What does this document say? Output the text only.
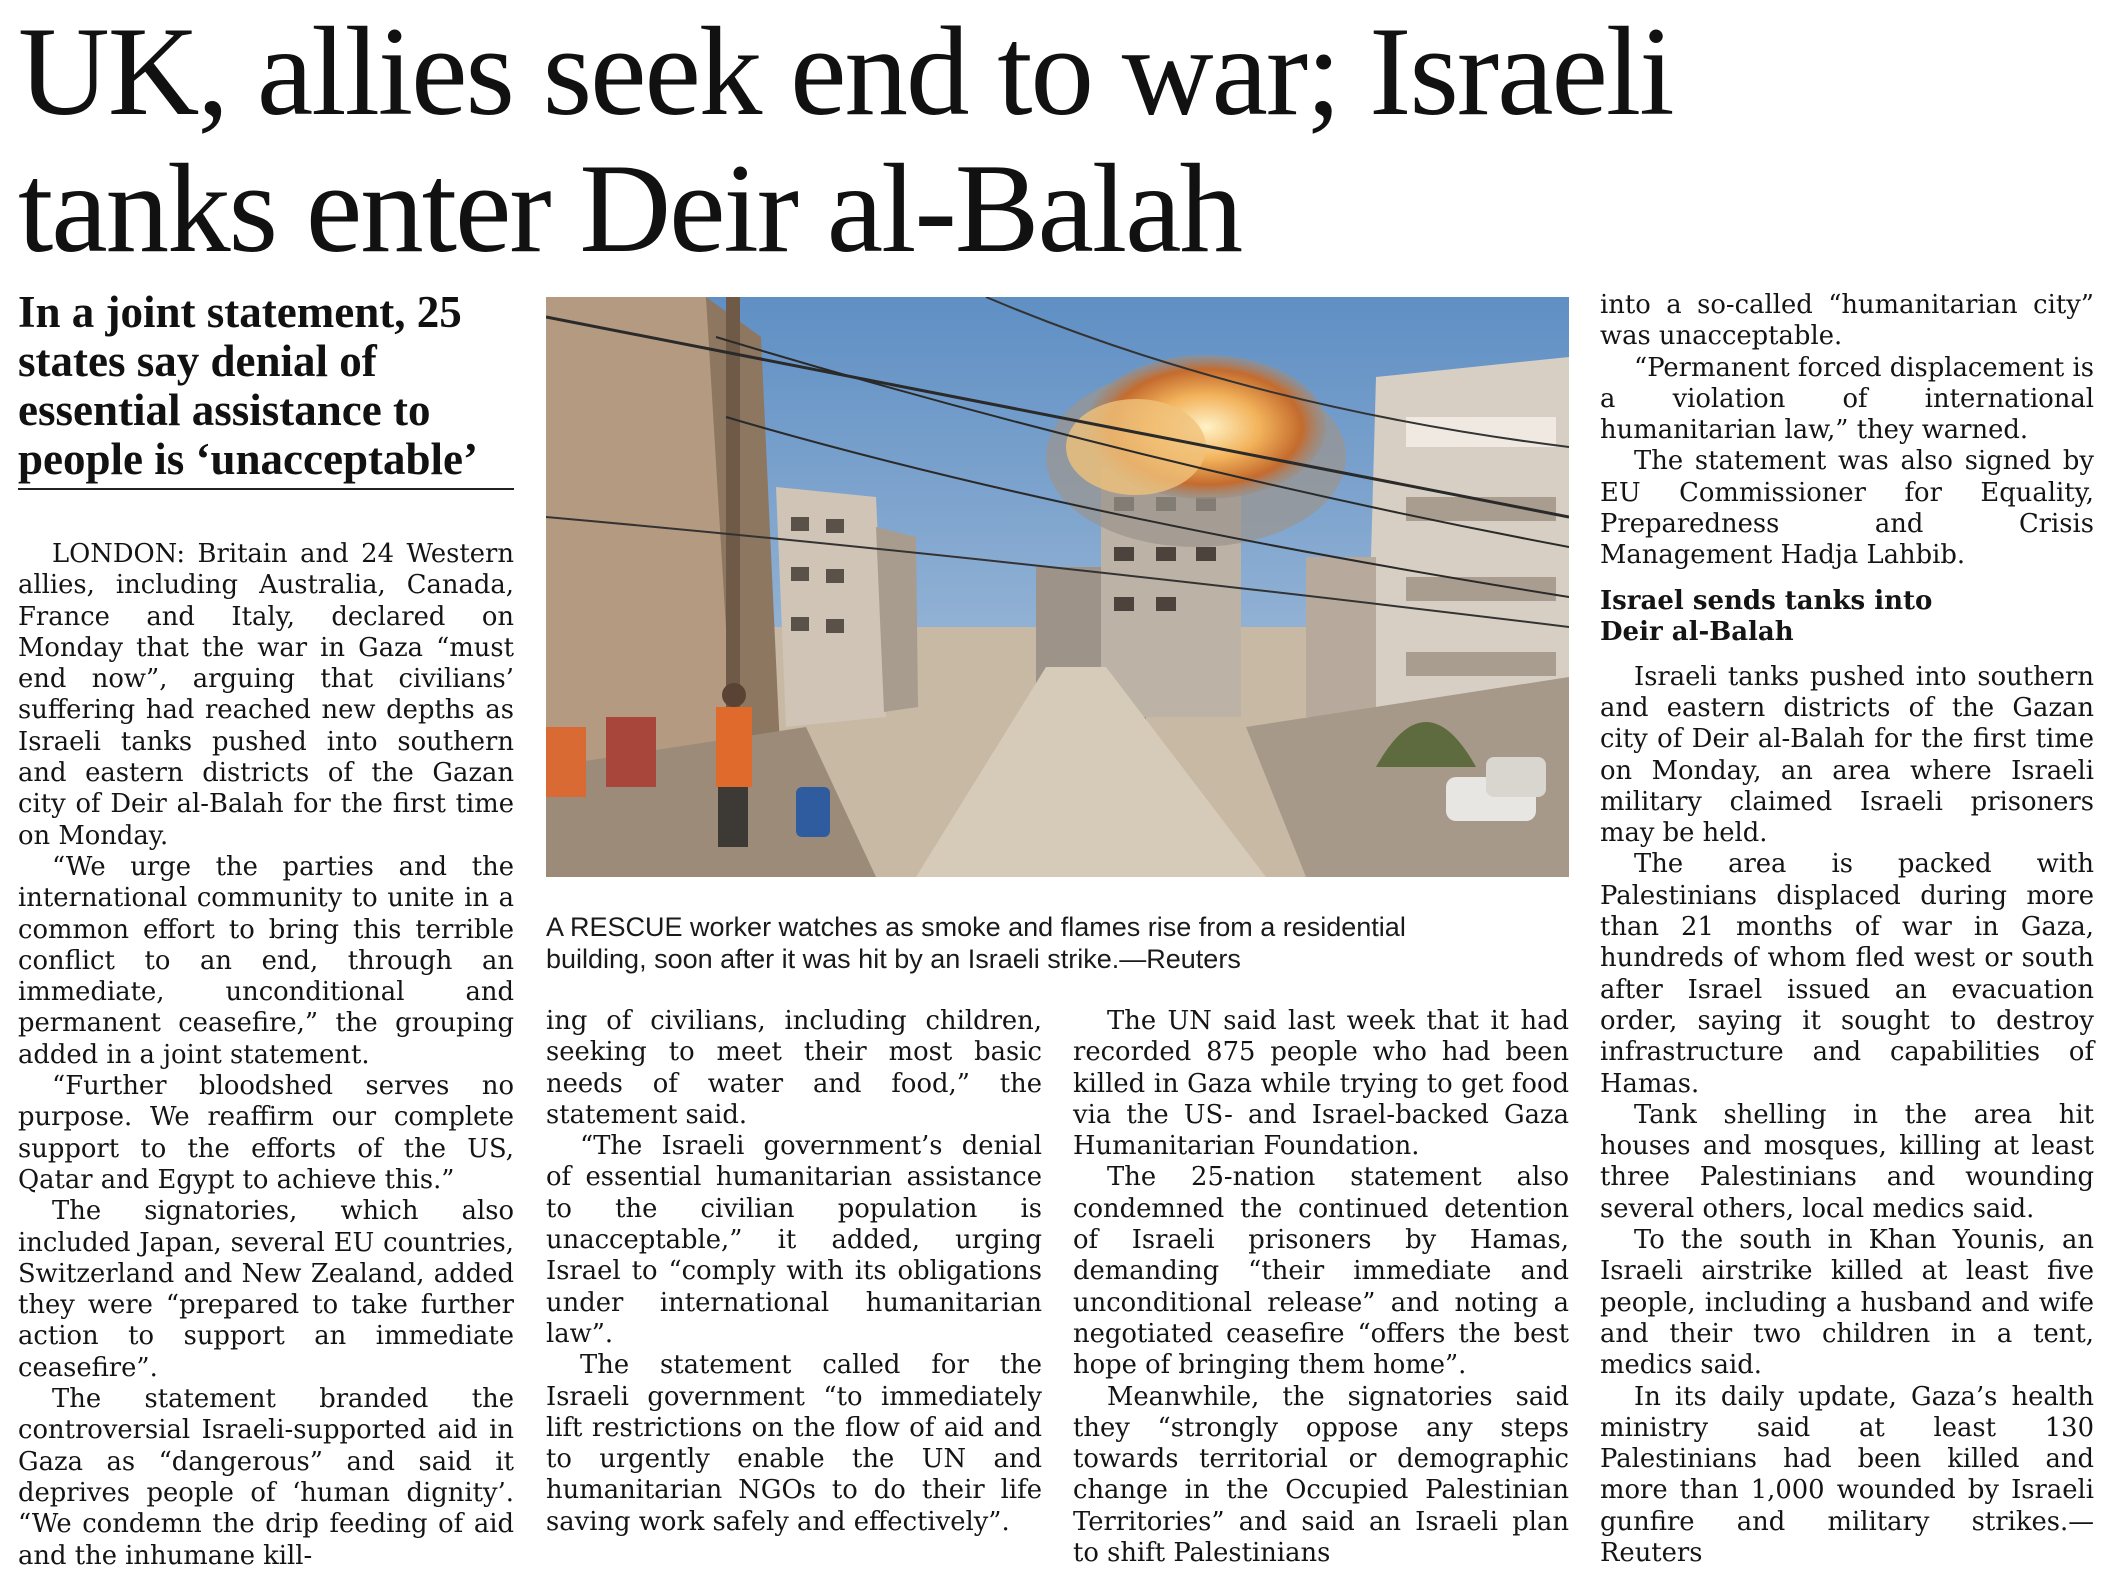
UK, allies seek end to war; Israeli
tanks enter Deir al-Balah
In a joint statement, 25
states say denial of
essential assistance to
people is ‘unacceptable’

LONDON: Britain and 24 Western allies, including Australia, Canada, France and Italy, declared on Monday that the war in Gaza “must end now”, arguing that civilians’ suffering had reached new depths as Israeli tanks pushed into southern and eastern districts of the Gazan city of Deir al-Balah for the first time on Monday.

“We urge the parties and the international community to unite in a common effort to bring this terrible conflict to an end, through an immediate, unconditional and permanent ceasefire,” the grouping added in a joint statement.

“Further bloodshed serves no purpose. We reaffirm our complete support to the efforts of the US, Qatar and Egypt to achieve this.”

The signatories, which also included Japan, several EU countries, Switzerland and New Zealand, added they were “prepared to take further action to support an immediate ceasefire”.

The statement branded the controversial Israeli-supported aid in Gaza as “dangerous” and said it deprives people of ‘human dignity’. “We condemn the drip feeding of aid and the inhumane kill-

A RESCUE worker watches as smoke and flames rise from a residential
building, soon after it was hit by an Israeli strike.—Reuters

ing of civilians, including children, seeking to meet their most basic needs of water and food,” the statement said.

“The Israeli government’s denial of essential humanitarian assistance to the civilian population is unacceptable,” it added, urging Israel to “comply with its obligations under international humanitarian law”.

The statement called for the Israeli government “to immediately lift restrictions on the flow of aid and to urgently enable the UN and humanitarian NGOs to do their life saving work safely and effectively”.

The UN said last week that it had recorded 875 people who had been killed in Gaza while trying to get food via the US- and Israel-backed Gaza Humanitarian Foundation.

The 25-nation statement also condemned the continued detention of Israeli prisoners by Hamas, demanding “their immediate and unconditional release” and noting a negotiated ceasefire “offers the best hope of bringing them home”.

Meanwhile, the signatories said they “strongly oppose any steps towards territorial or demographic change in the Occupied Palestinian Territories” and said an Israeli plan to shift Palestinians

into a so-called “humanitarian city” was unacceptable.

“Permanent forced displacement is a violation of international humanitarian law,” they warned.

The statement was also signed by EU Commissioner for Equality, Preparedness and Crisis Management Hadja Lahbib.

Israel sends tanks into
Deir al-Balah

Israeli tanks pushed into southern and eastern districts of the Gazan city of Deir al-Balah for the first time on Monday, an area where Israeli military claimed Israeli prisoners may be held.

The area is packed with Palestinians displaced during more than 21 months of war in Gaza, hundreds of whom fled west or south after Israel issued an evacuation order, saying it sought to destroy infrastructure and capabilities of Hamas.

Tank shelling in the area hit houses and mosques, killing at least three Palestinians and wounding several others, local medics said.

To the south in Khan Younis, an Israeli airstrike killed at least five people, including a husband and wife and their two children in a tent, medics said.

In its daily update, Gaza’s health ministry said at least 130 Palestinians had been killed and more than 1,000 wounded by Israeli gunfire and military strikes.—Reuters
